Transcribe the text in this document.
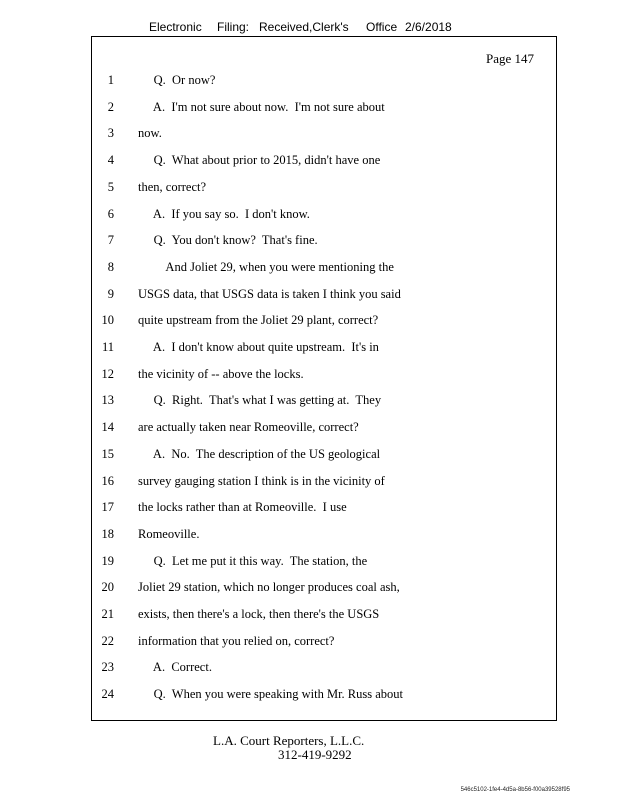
Electronic Filing: Received,Clerk's Office 2/6/2018
Page 147
1 Q.  Or now?
2 A.  I'm not sure about now.  I'm not sure about
3 now.
4 Q.  What about prior to 2015, didn't have one
5 then, correct?
6 A.  If you say so.  I don't know.
7 Q.  You don't know?  That's fine.
8 And Joliet 29, when you were mentioning the
9 USGS data, that USGS data is taken I think you said
10 quite upstream from the Joliet 29 plant, correct?
11 A.  I don't know about quite upstream.  It's in
12 the vicinity of -- above the locks.
13 Q.  Right.  That's what I was getting at.  They
14 are actually taken near Romeoville, correct?
15 A.  No.  The description of the US geological
16 survey gauging station I think is in the vicinity of
17 the locks rather than at Romeoville.  I use
18 Romeoville.
19 Q.  Let me put it this way.  The station, the
20 Joliet 29 station, which no longer produces coal ash,
21 exists, then there's a lock, then there's the USGS
22 information that you relied on, correct?
23 A.  Correct.
24 Q.  When you were speaking with Mr. Russ about
L.A. Court Reporters, L.L.C.
312-419-9292
546c5102-1fe4-4d5a-8b56-f00a39528f95
